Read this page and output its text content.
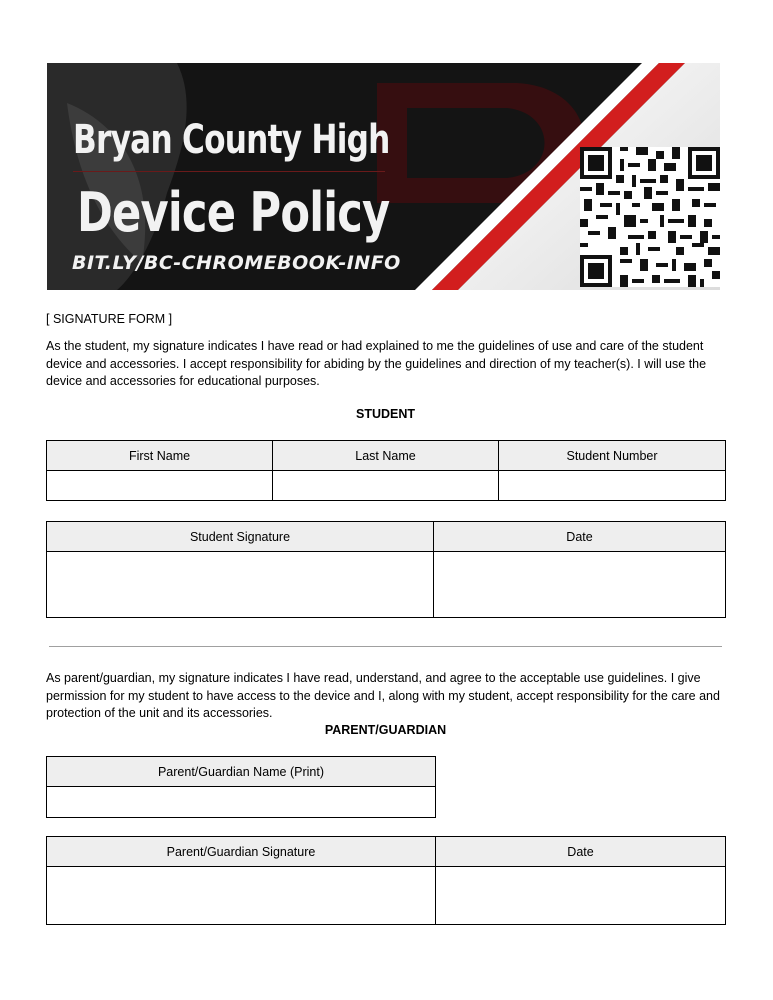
Bryan County High
Device Policy
BIT.LY/BC-CHROMEBOOK-INFO
[ SIGNATURE FORM ]

As the student, my signature indicates I have read or had explained to me the guidelines of use and care of the student device and accessories. I accept responsibility for abiding by the guidelines and direction of my teacher(s). I will use the device and accessories for educational purposes.

STUDENT
First Name	Last Name	Student Number

Student Signature	Date

As parent/guardian, my signature indicates I have read, understand, and agree to the acceptable use guidelines. I give permission for my student to have access to the device and I, along with my student, accept responsibility for the care and protection of the unit and its accessories.

PARENT/GUARDIAN
Parent/Guardian Name (Print)

Parent/Guardian Signature	Date
